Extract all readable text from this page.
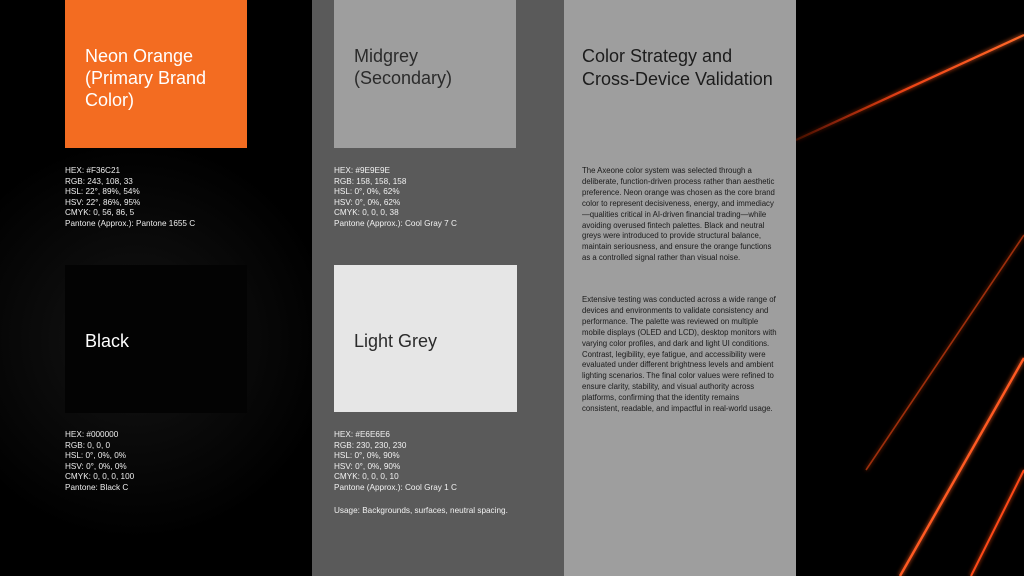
Neon Orange
(Primary Brand
Color)

HEX: #F36C21
RGB: 243, 108, 33
HSL: 22°, 89%, 54%
HSV: 22°, 86%, 95%
CMYK: 0, 56, 86, 5
Pantone (Approx.): Pantone 1655 C

Black

HEX: #000000
RGB: 0, 0, 0
HSL: 0°, 0%, 0%
HSV: 0°, 0%, 0%
CMYK: 0, 0, 0, 100
Pantone: Black C

Midgrey
(Secondary)

HEX: #9E9E9E
RGB: 158, 158, 158
HSL: 0°, 0%, 62%
HSV: 0°, 0%, 62%
CMYK: 0, 0, 0, 38
Pantone (Approx.): Cool Gray 7 C

Light Grey

HEX: #E6E6E6
RGB: 230, 230, 230
HSL: 0°, 0%, 90%
HSV: 0°, 0%, 90%
CMYK: 0, 0, 0, 10
Pantone (Approx.): Cool Gray 1 C

Usage: Backgrounds, surfaces, neutral spacing.

Color Strategy and Cross-Device Validation

The Axeone color system was selected through a deliberate, function-driven process rather than aesthetic preference. Neon orange was chosen as the core brand color to represent decisiveness, energy, and immediacy—qualities critical in AI-driven financial trading—while avoiding overused fintech palettes. Black and neutral greys were introduced to provide structural balance, maintain seriousness, and ensure the orange functions as a controlled signal rather than visual noise.

Extensive testing was conducted across a wide range of devices and environments to validate consistency and performance. The palette was reviewed on multiple mobile displays (OLED and LCD), desktop monitors with varying color profiles, and dark and light UI conditions. Contrast, legibility, eye fatigue, and accessibility were evaluated under different brightness levels and ambient lighting scenarios. The final color values were refined to ensure clarity, stability, and visual authority across platforms, confirming that the identity remains consistent, readable, and impactful in real-world usage.
